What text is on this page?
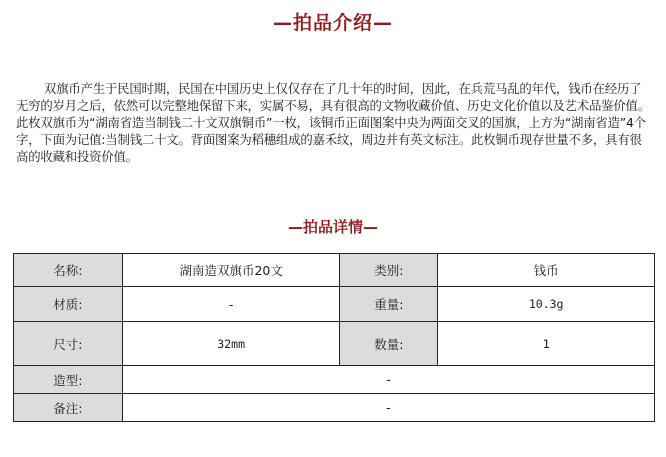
—拍品介绍—

双旗币产生于民国时期，民国在中国历史上仅仅存在了几十年的时间，因此，在兵荒马乱的年代，钱币在经历了无穷的岁月之后，依然可以完整地保留下来，实属不易，具有很高的文物收藏价值、历史文化价值以及艺术品鉴价值。此枚双旗币为“湖南省造当制钱二十文双旗铜币”一枚，该铜币正面图案中央为两面交叉的国旗，上方为“湖南省造”4个字，下面为记值:当制钱二十文。背面图案为稻穗组成的嘉禾纹，周边并有英文标注。此枚铜币现存世量不多，具有很高的收藏和投资价值。

—拍品详情—
名称:	湖南造双旗币20文	类别:	钱币
材质:	-	重量:	10.3g
尺寸:	32mm	数量:	1
造型:	-		
备注:	-		
